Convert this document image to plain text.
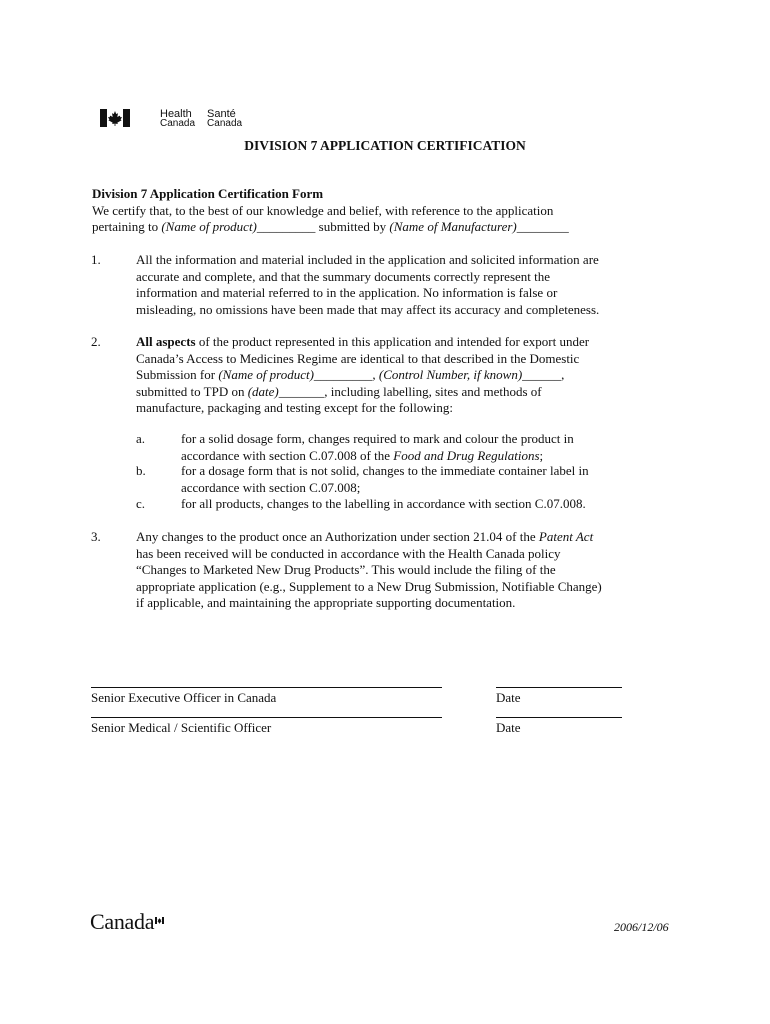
Health
Canada
Santé
Canada
DIVISION 7 APPLICATION CERTIFICATION

Division 7 Application Certification Form

We certify that, to the best of our knowledge and belief, with reference to the application

pertaining to (Name of product)_________ submitted by (Name of Manufacturer)________

1.	All the information and material included in the application and solicited information are

accurate and complete, and that the summary documents correctly represent the

information and material referred to in the application. No information is false or

misleading, no omissions have been made that may affect its accuracy and completeness.

2.	All aspects of the product represented in this application and intended for export under

Canada’s Access to Medicines Regime are identical to that described in the Domestic

Submission for (Name of product)_________, (Control Number, if known)______,

submitted to TPD on (date)_______, including labelling, sites and methods of

manufacture, packaging and testing except for the following:

a.	for a solid dosage form, changes required to mark and colour the product in

accordance with section C.07.008 of the Food and Drug Regulations;

b.	for a dosage form that is not solid, changes to the immediate container label in

accordance with section C.07.008;

c.	for all products, changes to the labelling in accordance with section C.07.008.

3.	Any changes to the product once an Authorization under section 21.04 of the Patent Act

has been received will be conducted in accordance with the Health Canada policy

“Changes to Marketed New Drug Products”. This would include the filing of the

appropriate application (e.g., Supplement to a New Drug Submission, Notifiable Change)

if applicable, and maintaining the appropriate supporting documentation.

Senior Executive Officer in Canada	Date
Senior Medical / Scientific Officer	Date
Canada	2006/12/06
